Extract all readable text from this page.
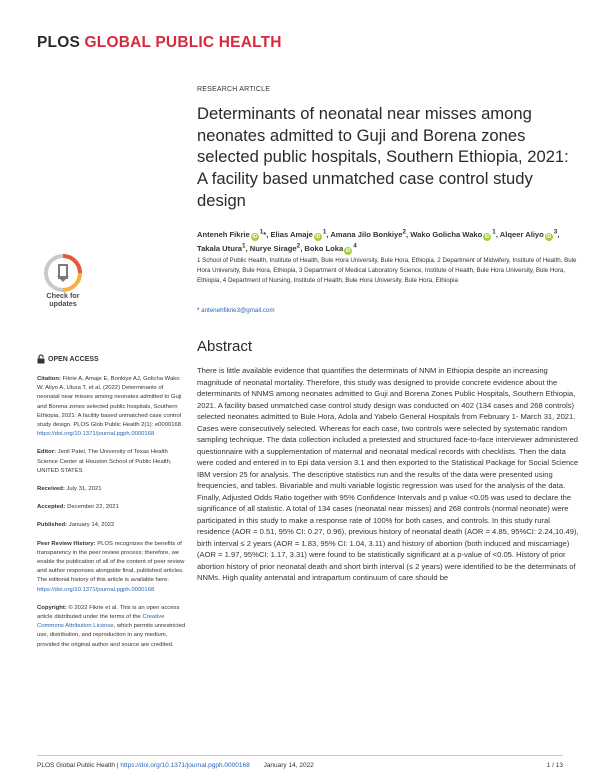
PLOS GLOBAL PUBLIC HEALTH
RESEARCH ARTICLE
Determinants of neonatal near misses among neonates admitted to Guji and Borena zones selected public hospitals, Southern Ethiopia, 2021: A facility based unmatched case control study design
Anteneh Fikrie $iD^1*$, Elias Amaje $iD^1$, Amana Jilo Bonkiye$^2$, Wako Golicha Wako $iD^1$, Alqeer Aliyo $iD^3$, Takala Utura$^1$, Nurye Sirage$^2$, Boko Loka $iD^4$
1 School of Public Health, Institute of Health, Bule Hora University, Bule Hora, Ethiopia, 2 Department of Midwifery, Institute of Health, Bule Hora University, Bule Hora, Ethiopia, 3 Department of Medical Laboratory Science, Institute of Health, Bule Hora University, Bule Hora, Ethiopia, 4 Department of Nursing, Institute of Health, Bule Hora University, Bule Hora, Ethiopia
* antenehfikrie3@gmail.com
Check for
updates
OPEN ACCESS

Citation: Fikrie A, Amaje E, Bonkiye AJ, Golicha Wako W, Aliyo A, Utura T, et al. (2022) Determinants of neonatal near misses among neonates admitted to Guji and Borena zones selected public hospitals, Southern Ethiopia, 2021: A facility based unmatched case control study design. PLOS Glob Public Health 2(1): e0000168. https://doi.org/10.1371/journal.pgph.0000168

Editor: Jenil Patel, The University of Texas Health Science Center at Houston School of Public Health, UNITED STATES

Received: July 31, 2021

Accepted: December 22, 2021

Published: January 14, 2022

Peer Review History: PLOS recognizes the benefits of transparency in the peer review process; therefore, we enable the publication of all of the content of peer review and author responses alongside final, published articles. The editorial history of this article is available here: https://doi.org/10.1371/journal.pgph.0000168

Copyright: © 2022 Fikrie et al. This is an open access article distributed under the terms of the Creative Commons Attribution License, which permits unrestricted use, distribution, and reproduction in any medium, provided the original author and source are credited.

Abstract

There is little available evidence that quantifies the determinats of NNM in Ethiopia despite an increasing magnitude of neonatal mortality. Therefore, this study was designed to provide concrete evidence about the determinants of NNMS among neonates admitted to Guji and Borena Zones Public Hospitals, Southern Ethiopia, 2021. A facility based unmatched case control study design was conducted on 402 (134 cases and 268 controls) selected neonates admitted to Bule Hora, Adola and Yabelo General Hospitals from February 1- March 31, 2021. Cases were consecutively selected. Whereas for each case, two controls were selected by systematic random sampling technique. The data collection included a pretested and structured face-to-face interviewer administered questionnaire with a supplementation of maternal and neonatal medical records with checklists. Then the data were coded and entered in to Epi data version 3.1 and then exported to the Statistical Package for Social Science IBM version 25 for analysis. The descriptive statistics run and the results of the data were presented using frequencies, and tables. Bivariable and multi variable logistic regression was used for the analysis of the data. Finally, Adjusted Odds Ratio together with 95% Confidence Intervals and p value <0.05 was used to declare the significance of all statistic. A total of 134 cases (neonatal near misses) and 268 controls (normal neonate) were participated in this study to make a response rate of 100% for both cases, and controls. In this study rural residence (AOR = 0.51, 95% CI: 0.27, 0.96), previous history of neonatal death (AOR = 4.85, 95%CI: 2.24,10.49), birth interval ≤ 2 years (AOR = 1.83, 95% CI: 1.04, 3.11) and history of abortion (both induced and miscarriage) (AOR = 1.97, 95%CI: 1.17, 3.31) were found to be statistically significant at a p-value of <0.05. History of prior abortion history of prior neonatal death and short birth interval (≤ 2 years) were identified to be the determinats of NNMs. High quality antenatal and intrapartum continuum of care should be

PLOS Global Public Health | https://doi.org/10.1371/journal.pgph.0000168 January 14, 2022	1 / 13
